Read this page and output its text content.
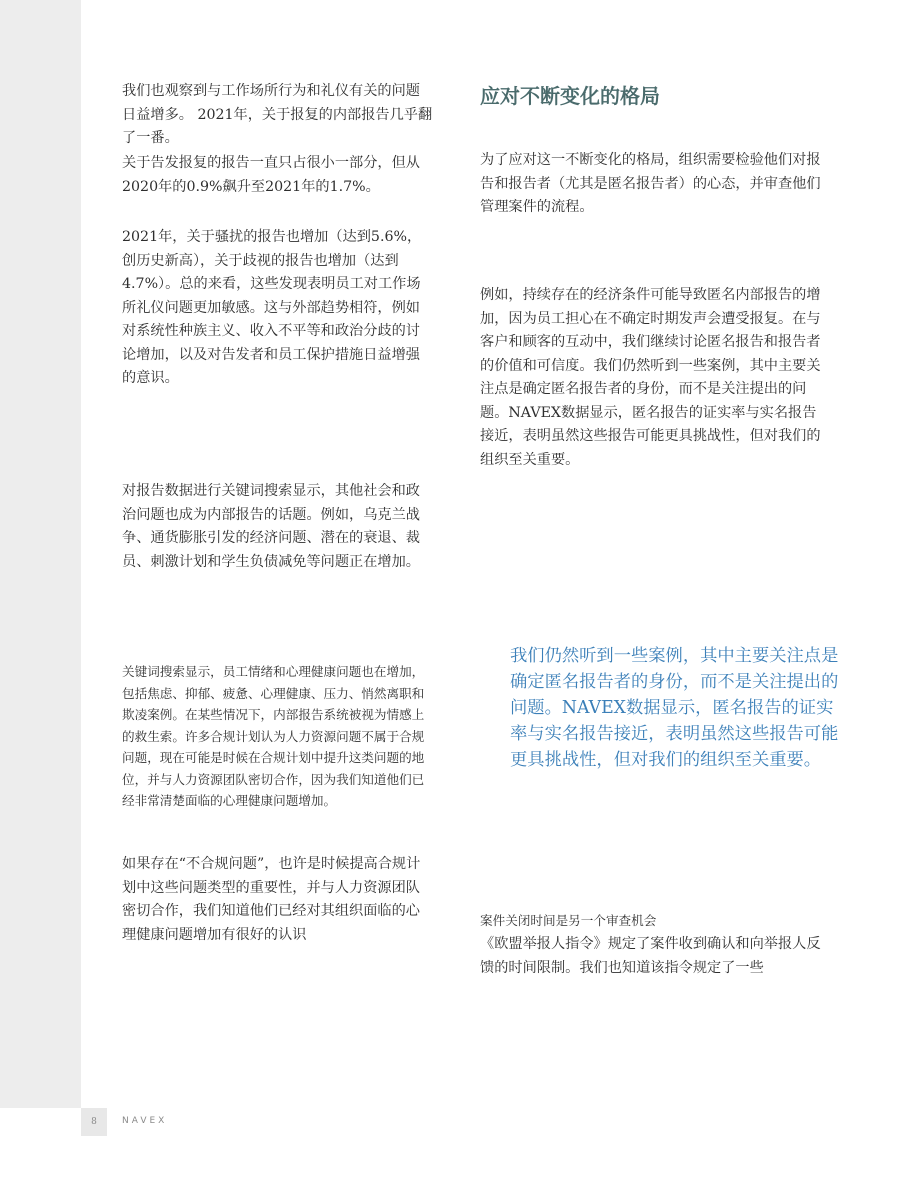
我们也观察到与工作场所行为和礼仪有关的问题日益增多。 2021年，关于报复的内部报告几乎翻了一番。

关于告发报复的报告一直只占很小一部分，但从2020年的0.9%飙升至2021年的1.7%。

2021年，关于骚扰的报告也增加（达到5.6%，创历史新高），关于歧视的报告也增加（达到4.7%）。总的来看，这些发现表明员工对工作场所礼仪问题更加敏感。这与外部趋势相符，例如对系统性种族主义、收入不平等和政治分歧的讨论增加，以及对告发者和员工保护措施日益增强的意识。

对报告数据进行关键词搜索显示，其他社会和政治问题也成为内部报告的话题。例如，乌克兰战争、通货膨胀引发的经济问题、潜在的衰退、裁员、刺激计划和学生负债减免等问题正在增加。

关键词搜索显示，员工情绪和心理健康问题也在增加，包括焦虑、抑郁、疲惫、心理健康、压力、悄然离职和欺凌案例。在某些情况下，内部报告系统被视为情感上的救生索。许多合规计划认为人力资源问题不属于合规问题，现在可能是时候在合规计划中提升这类问题的地位，并与人力资源团队密切合作，因为我们知道他们已经非常清楚面临的心理健康问题增加。

如果存在“不合规问题”，也许是时候提高合规计划中这些问题类型的重要性，并与人力资源团队密切合作，我们知道他们已经对其组织面临的心理健康问题增加有很好的认识

应对不断变化的格局

为了应对这一不断变化的格局，组织需要检验他们对报告和报告者（尤其是匿名报告者）的心态，并审查他们管理案件的流程。

例如，持续存在的经济条件可能导致匿名内部报告的增加，因为员工担心在不确定时期发声会遭受报复。在与客户和顾客的互动中，我们继续讨论匿名报告和报告者的价值和可信度。我们仍然听到一些案例，其中主要关注点是确定匿名报告者的身份，而不是关注提出的问题。NAVEX数据显示，匿名报告的证实率与实名报告接近，表明虽然这些报告可能更具挑战性，但对我们的组织至关重要。

我们仍然听到一些案例，其中主要关注点是确定匿名报告者的身份，而不是关注提出的问题。NAVEX数据显示，匿名报告的证实率与实名报告接近，表明虽然这些报告可能更具挑战性，但对我们的组织至关重要。

案件关闭时间是另一个审查机会

《欧盟举报人指令》规定了案件收到确认和向举报人反馈的时间限制。我们也知道该指令规定了一些

8	NAVEX
